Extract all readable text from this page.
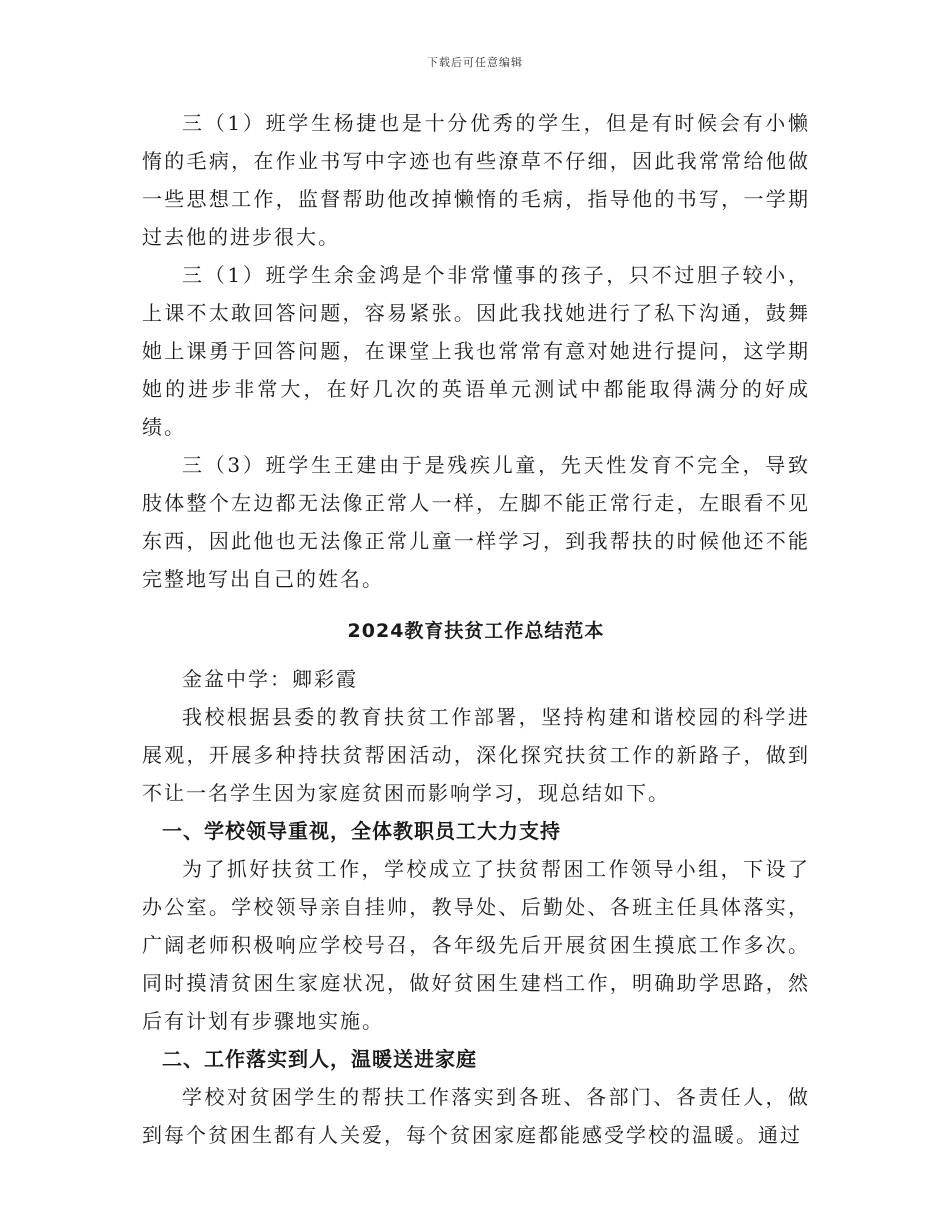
下载后可任意编辑

三（1）班学生杨捷也是十分优秀的学生，但是有时候会有小懒惰的毛病，在作业书写中字迹也有些潦草不仔细，因此我常常给他做一些思想工作，监督帮助他改掉懒惰的毛病，指导他的书写，一学期过去他的进步很大。

三（1）班学生余金鸿是个非常懂事的孩子，只不过胆子较小，上课不太敢回答问题，容易紧张。因此我找她进行了私下沟通，鼓舞她上课勇于回答问题，在课堂上我也常常有意对她进行提问，这学期她的进步非常大，在好几次的英语单元测试中都能取得满分的好成绩。

三（3）班学生王建由于是残疾儿童，先天性发育不完全，导致肢体整个左边都无法像正常人一样，左脚不能正常行走，左眼看不见东西，因此他也无法像正常儿童一样学习，到我帮扶的时候他还不能完整地写出自己的姓名。

2024教育扶贫工作总结范本

金盆中学：卿彩霞

我校根据县委的教育扶贫工作部署，坚持构建和谐校园的科学进展观，开展多种持扶贫帮困活动，深化探究扶贫工作的新路子，做到不让一名学生因为家庭贫困而影响学习，现总结如下。

一、学校领导重视，全体教职员工大力支持

为了抓好扶贫工作，学校成立了扶贫帮困工作领导小组，下设了办公室。学校领导亲自挂帅，教导处、后勤处、各班主任具体落实，广阔老师积极响应学校号召，各年级先后开展贫困生摸底工作多次。同时摸清贫困生家庭状况，做好贫困生建档工作，明确助学思路，然后有计划有步骤地实施。

二、工作落实到人，温暖送进家庭

学校对贫困学生的帮扶工作落实到各班、各部门、各责任人，做到每个贫困生都有人关爱，每个贫困家庭都能感受学校的温暖。通过
